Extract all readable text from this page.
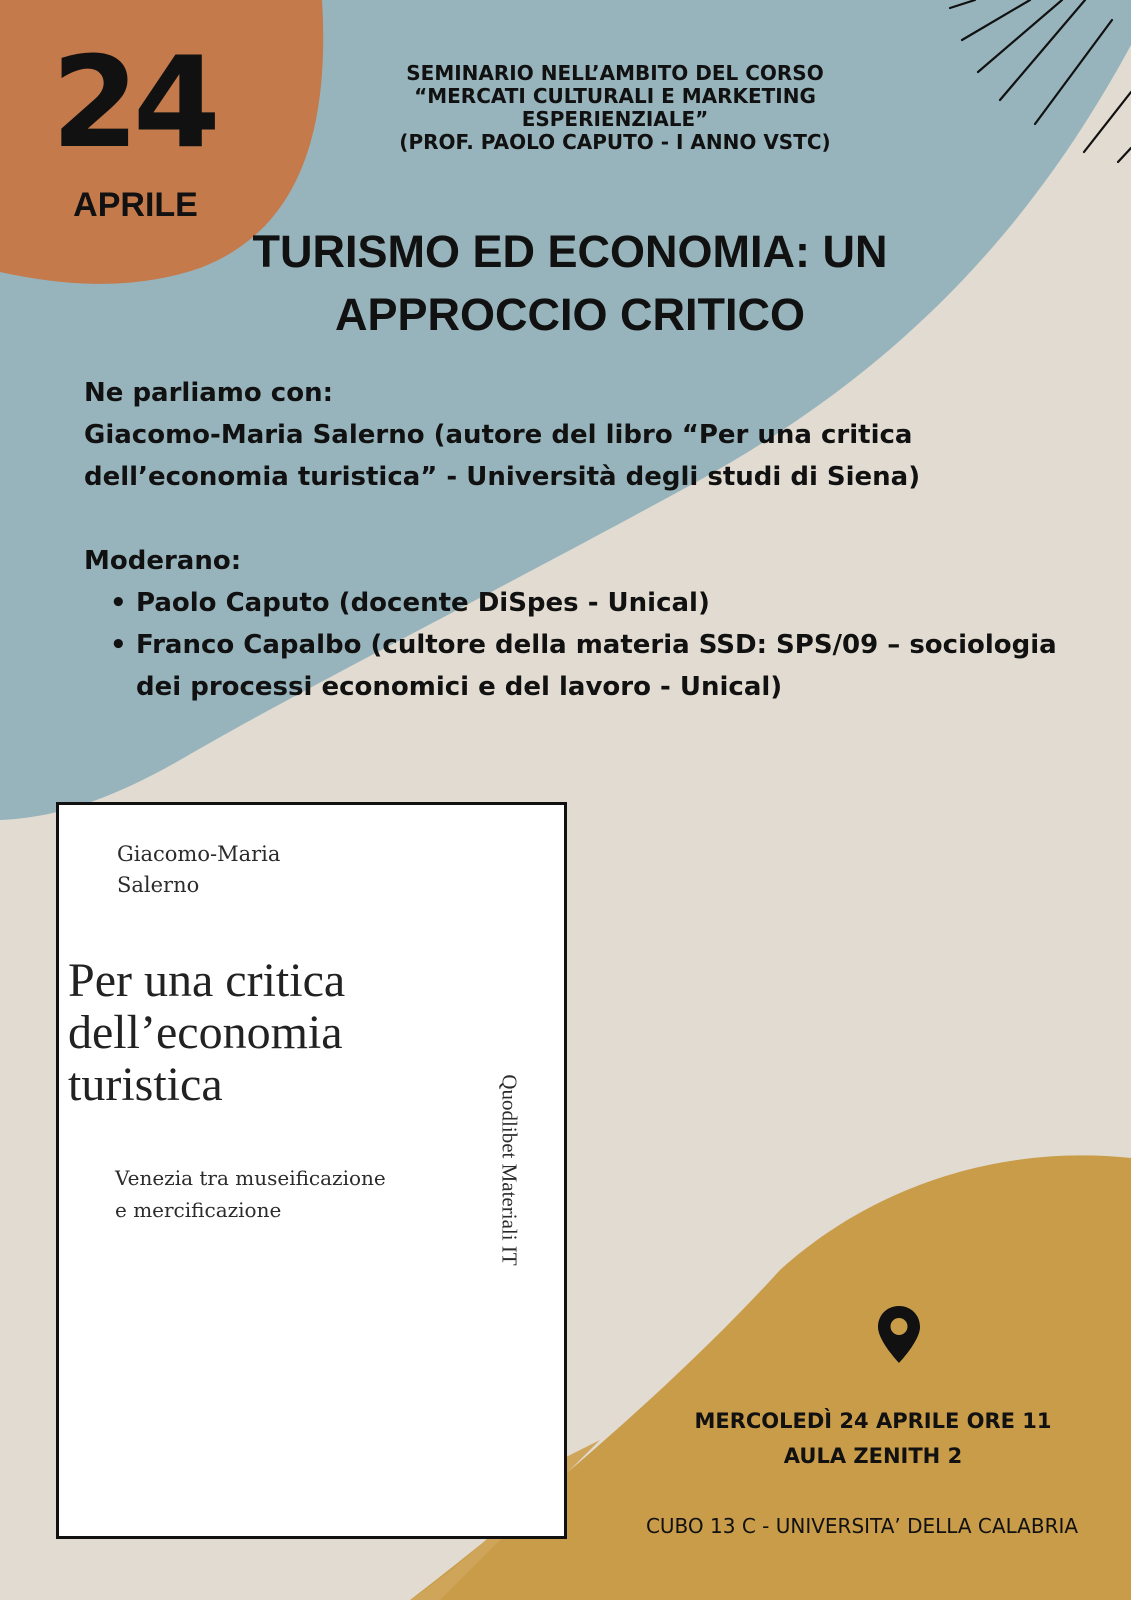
24
APRILE
SEMINARIO NELL’AMBITO DEL CORSO
“MERCATI CULTURALI E MARKETING
ESPERIENZIALE”
(PROF. PAOLO CAPUTO - I ANNO VSTC)
TURISMO ED ECONOMIA: UN
APPROCCIO CRITICO

Ne parliamo con:

Giacomo-Maria Salerno (autore del libro “Per una critica dell’economia turistica” - Università degli studi di Siena)

Moderano:

• Paolo Caputo (docente DiSpes - Unical)
• Franco Capalbo (cultore della materia SSD: SPS/09 – sociologia dei processi economici e del lavoro - Unical)
Giacomo-Maria
Salerno
Per una critica
dell’economia
turistica
Venezia tra museificazione
e mercificazione	Quodlibet Materiali IT
MERCOLEDÌ 24 APRILE ORE 11
AULA ZENITH 2
CUBO 13 C - UNIVERSITA’ DELLA CALABRIA
